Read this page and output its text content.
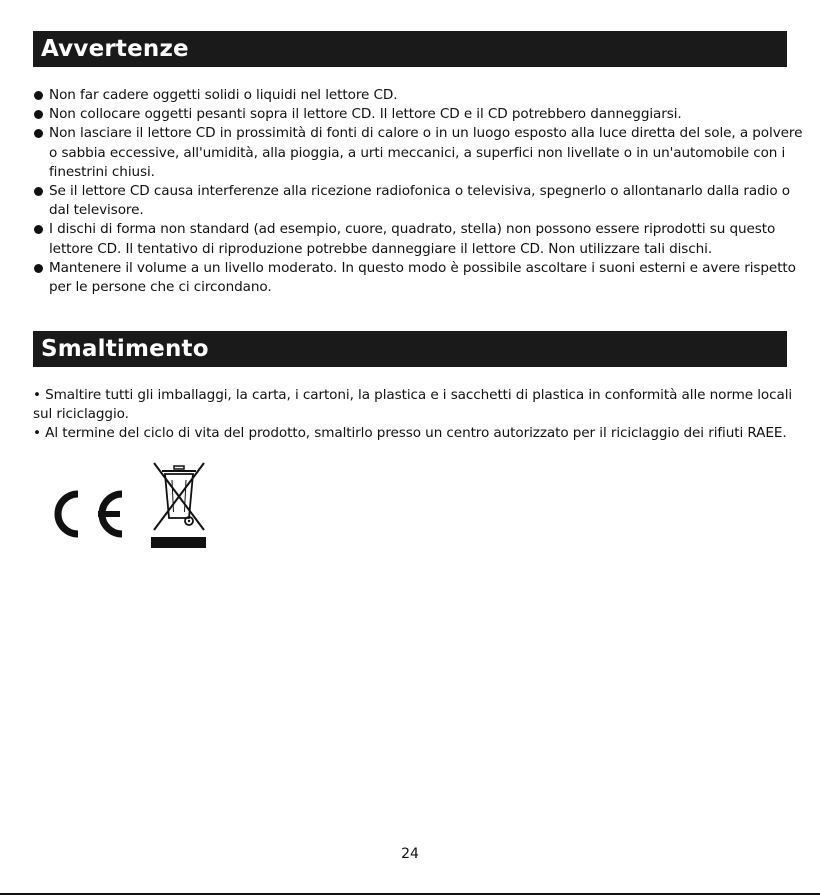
Avvertenze
Non far cadere oggetti solidi o liquidi nel lettore CD.
Non collocare oggetti pesanti sopra il lettore CD. Il lettore CD e il CD potrebbero danneggiarsi.
Non lasciare il lettore CD in prossimità di fonti di calore o in un luogo esposto alla luce diretta del sole, a polvere o sabbia eccessive, all'umidità, alla pioggia, a urti meccanici, a superfici non livellate o in un'automobile con i finestrini chiusi.
Se il lettore CD causa interferenze alla ricezione radiofonica o televisiva, spegnerlo o allontanarlo dalla radio o dal televisore.
I dischi di forma non standard (ad esempio, cuore, quadrato, stella) non possono essere riprodotti su questo lettore CD. Il tentativo di riproduzione potrebbe danneggiare il lettore CD. Non utilizzare tali dischi.
Mantenere il volume a un livello moderato. In questo modo è possibile ascoltare i suoni esterni e avere rispetto per le persone che ci circondano.
Smaltimento

• Smaltire tutti gli imballaggi, la carta, i cartoni, la plastica e i sacchetti di plastica in conformità alle norme locali sul riciclaggio.

• Al termine del ciclo di vita del prodotto, smaltirlo presso un centro autorizzato per il riciclaggio dei rifiuti RAEE.

24
